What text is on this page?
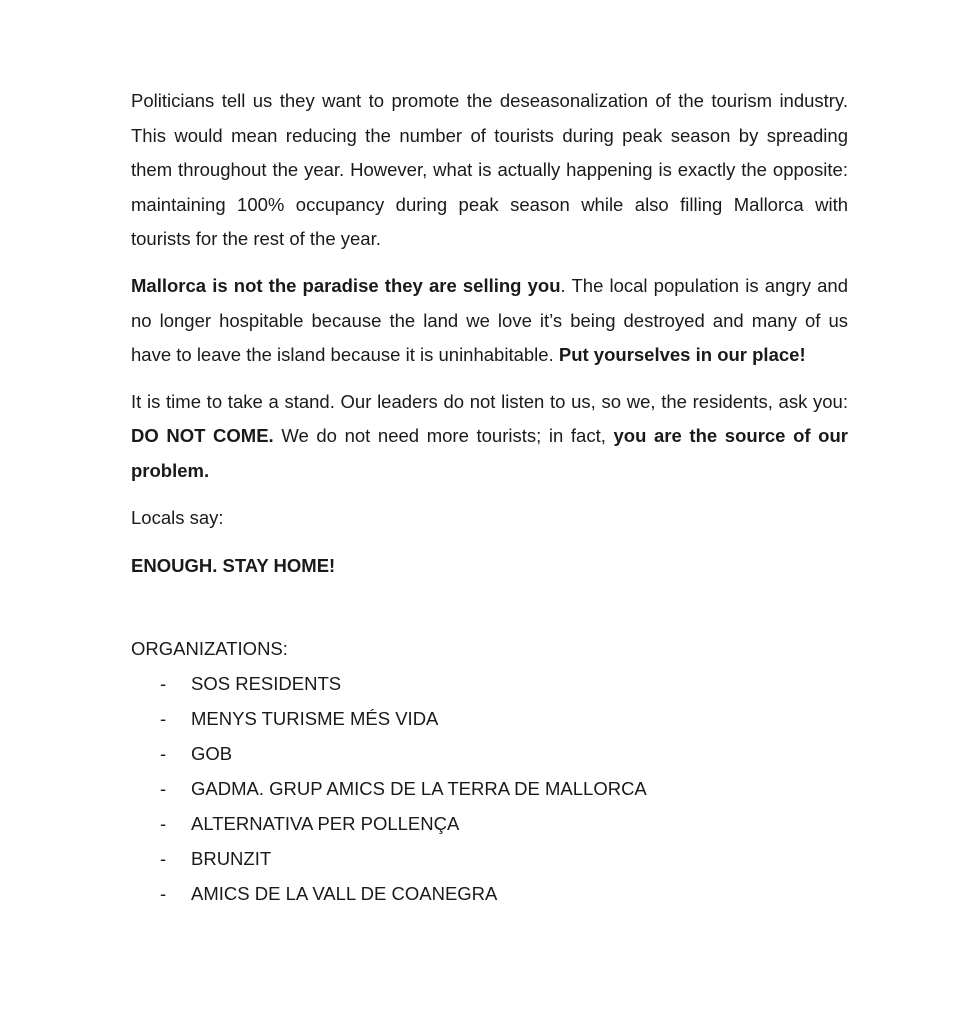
Politicians tell us they want to promote the deseasonalization of the tourism industry. This would mean reducing the number of tourists during peak season by spreading them throughout the year. However, what is actually happening is exactly the opposite: maintaining 100% occupancy during peak season while also filling Mallorca with tourists for the rest of the year.

Mallorca is not the paradise they are selling you. The local population is angry and no longer hospitable because the land we love it’s being destroyed and many of us have to leave the island because it is uninhabitable. Put yourselves in our place!

It is time to take a stand. Our leaders do not listen to us, so we, the residents, ask you: DO NOT COME. We do not need more tourists; in fact, you are the source of our problem.

Locals say:

ENOUGH. STAY HOME!

ORGANIZATIONS:

-	SOS RESIDENTS
-	MENYS TURISME MÉS VIDA
-	GOB
-	GADMA. GRUP AMICS DE LA TERRA DE MALLORCA
-	ALTERNATIVA PER POLLENÇA
-	BRUNZIT
-	AMICS DE LA VALL DE COANEGRA
